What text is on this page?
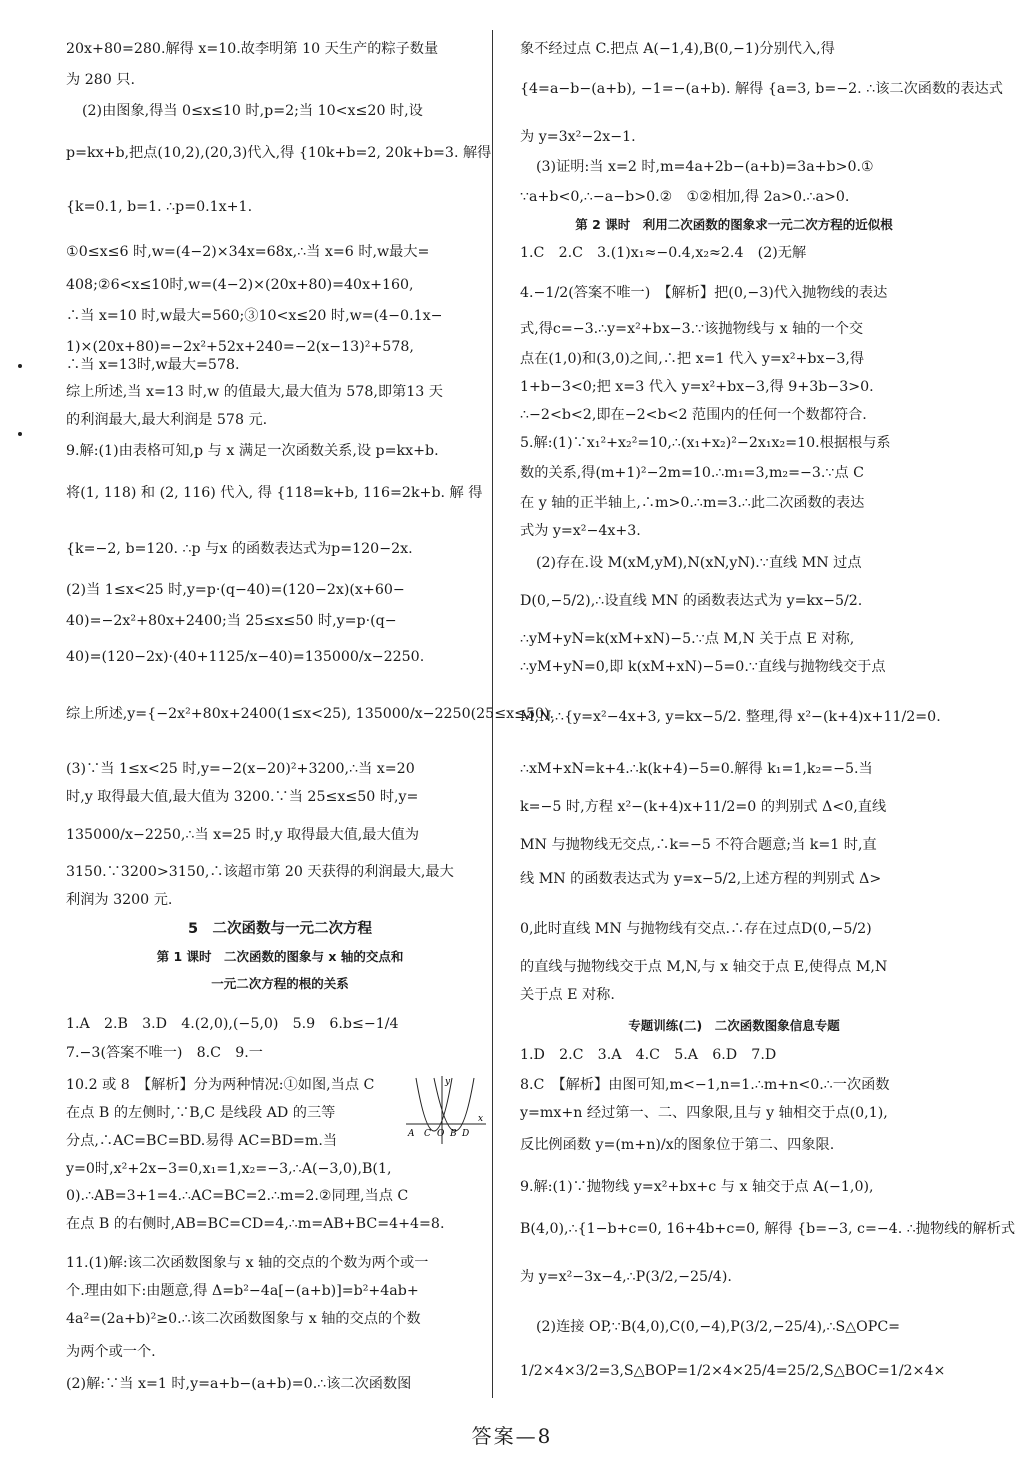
20x+80=280.解得 x=10.故李明第 10 天生产的粽子数量
为 280 只.
(2)由图象,得当 0≤x≤10 时,p=2;当 10<x≤20 时,设
p=kx+b,把点(10,2),(20,3)代入,得 {10k+b=2, 20k+b=3. 解得
{k=0.1, b=1. ∴p=0.1x+1.
①0≤x≤6 时,w=(4−2)×34x=68x,∴当 x=6 时,w最大=
408;②6<x≤10时,w=(4−2)×(20x+80)=40x+160,
∴当 x=10 时,w最大=560;③10<x≤20 时,w=(4−0.1x−
1)×(20x+80)=−2x²+52x+240=−2(x−13)²+578,
∴当 x=13时,w最大=578.
综上所述,当 x=13 时,w 的值最大,最大值为 578,即第13 天
的利润最大,最大利润是 578 元.
9.解:(1)由表格可知,p 与 x 满足一次函数关系,设 p=kx+b.
将(1, 118) 和 (2, 116) 代入, 得 {118=k+b, 116=2k+b. 解 得
{k=−2, b=120. ∴p 与x 的函数表达式为p=120−2x.
(2)当 1≤x<25 时,y=p·(q−40)=(120−2x)(x+60−
40)=−2x²+80x+2400;当 25≤x≤50 时,y=p·(q−
40)=(120−2x)·(40+1125/x−40)=135000/x−2250.
综上所述,y={−2x²+80x+2400(1≤x<25), 135000/x−2250(25≤x≤50).
(3)∵当 1≤x<25 时,y=−2(x−20)²+3200,∴当 x=20
时,y 取得最大值,最大值为 3200.∵当 25≤x≤50 时,y=
135000/x−2250,∴当 x=25 时,y 取得最大值,最大值为
3150.∵3200>3150,∴该超市第 20 天获得的利润最大,最大
利润为 3200 元.
5　二次函数与一元二次方程
第 1 课时　二次函数的图象与 x 轴的交点和
一元二次方程的根的关系
1.A　2.B　3.D　4.(2,0),(−5,0)　5.9　6.b≤−1/4
7.−3(答案不唯一)　8.C　9.一
10.2 或 8　【解析】分为两种情况:①如图,当点 C
在点 B 的左侧时,∵B,C 是线段 AD 的三等
分点,∴AC=BC=BD.易得 AC=BD=m.当
y=0时,x²+2x−3=0,x₁=1,x₂=−3,∴A(−3,0),B(1,
0).∴AB=3+1=4.∴AC=BC=2.∴m=2.②同理,当点 C
在点 B 的右侧时,AB=BC=CD=4,∴m=AB+BC=4+4=8.
11.(1)解:该二次函数图象与 x 轴的交点的个数为两个或一
个.理由如下:由题意,得 Δ=b²−4a[−(a+b)]=b²+4ab+
4a²=(2a+b)²≥0.∴该二次函数图象与 x 轴的交点的个数
为两个或一个.
(2)解:∵当 x=1 时,y=a+b−(a+b)=0.∴该二次函数图
象不经过点 C.把点 A(−1,4),B(0,−1)分别代入,得
{4=a−b−(a+b), −1=−(a+b). 解得 {a=3, b=−2. ∴该二次函数的表达式
为 y=3x²−2x−1.
(3)证明:当 x=2 时,m=4a+2b−(a+b)=3a+b>0.①
∵a+b<0,∴−a−b>0.②　①②相加,得 2a>0.∴a>0.
第 2 课时　利用二次函数的图象求一元二次方程的近似根
1.C　2.C　3.(1)x₁≈−0.4,x₂≈2.4　(2)无解
4.−1/2(答案不唯一)　【解析】把(0,−3)代入抛物线的表达
式,得c=−3.∴y=x²+bx−3.∵该抛物线与 x 轴的一个交
点在(1,0)和(3,0)之间,∴把 x=1 代入 y=x²+bx−3,得
1+b−3<0;把 x=3 代入 y=x²+bx−3,得 9+3b−3>0.
∴−2<b<2,即在−2<b<2 范围内的任何一个数都符合.
5.解:(1)∵x₁²+x₂²=10,∴(x₁+x₂)²−2x₁x₂=10.根据根与系
数的关系,得(m+1)²−2m=10.∴m₁=3,m₂=−3.∵点 C
在 y 轴的正半轴上,∴m>0.∴m=3.∴此二次函数的表达
式为 y=x²−4x+3.
(2)存在.设 M(xM,yM),N(xN,yN).∵直线 MN 过点
D(0,−5/2),∴设直线 MN 的函数表达式为 y=kx−5/2.
∴yM+yN=k(xM+xN)−5.∵点 M,N 关于点 E 对称,
∴yM+yN=0,即 k(xM+xN)−5=0.∵直线与抛物线交于点
M,N,∴{y=x²−4x+3, y=kx−5/2. 整理,得 x²−(k+4)x+11/2=0.
∴xM+xN=k+4.∴k(k+4)−5=0.解得 k₁=1,k₂=−5.当
k=−5 时,方程 x²−(k+4)x+11/2=0 的判别式 Δ<0,直线
MN 与抛物线无交点,∴k=−5 不符合题意;当 k=1 时,直
线 MN 的函数表达式为 y=x−5/2,上述方程的判别式 Δ>
0,此时直线 MN 与抛物线有交点.∴存在过点D(0,−5/2)
的直线与抛物线交于点 M,N,与 x 轴交于点 E,使得点 M,N
关于点 E 对称.
专题训练(二)　二次函数图象信息专题
1.D　2.C　3.A　4.C　5.A　6.D　7.D
8.C　【解析】由图可知,m<−1,n=1.∴m+n<0.∴一次函数
y=mx+n 经过第一、二、四象限,且与 y 轴相交于点(0,1),
反比例函数 y=(m+n)/x的图象位于第二、四象限.
9.解:(1)∵抛物线 y=x²+bx+c 与 x 轴交于点 A(−1,0),
B(4,0),∴{1−b+c=0, 16+4b+c=0, 解得 {b=−3, c=−4. ∴抛物线的解析式
为 y=x²−3x−4,∴P(3/2,−25/4).
(2)连接 OP,∵B(4,0),C(0,−4),P(3/2,−25/4),∴S△OPC=
1/2×4×3/2=3,S△BOP=1/2×4×25/4=25/2,S△BOC=1/2×4×
y
A C O B D
x
答案—8
